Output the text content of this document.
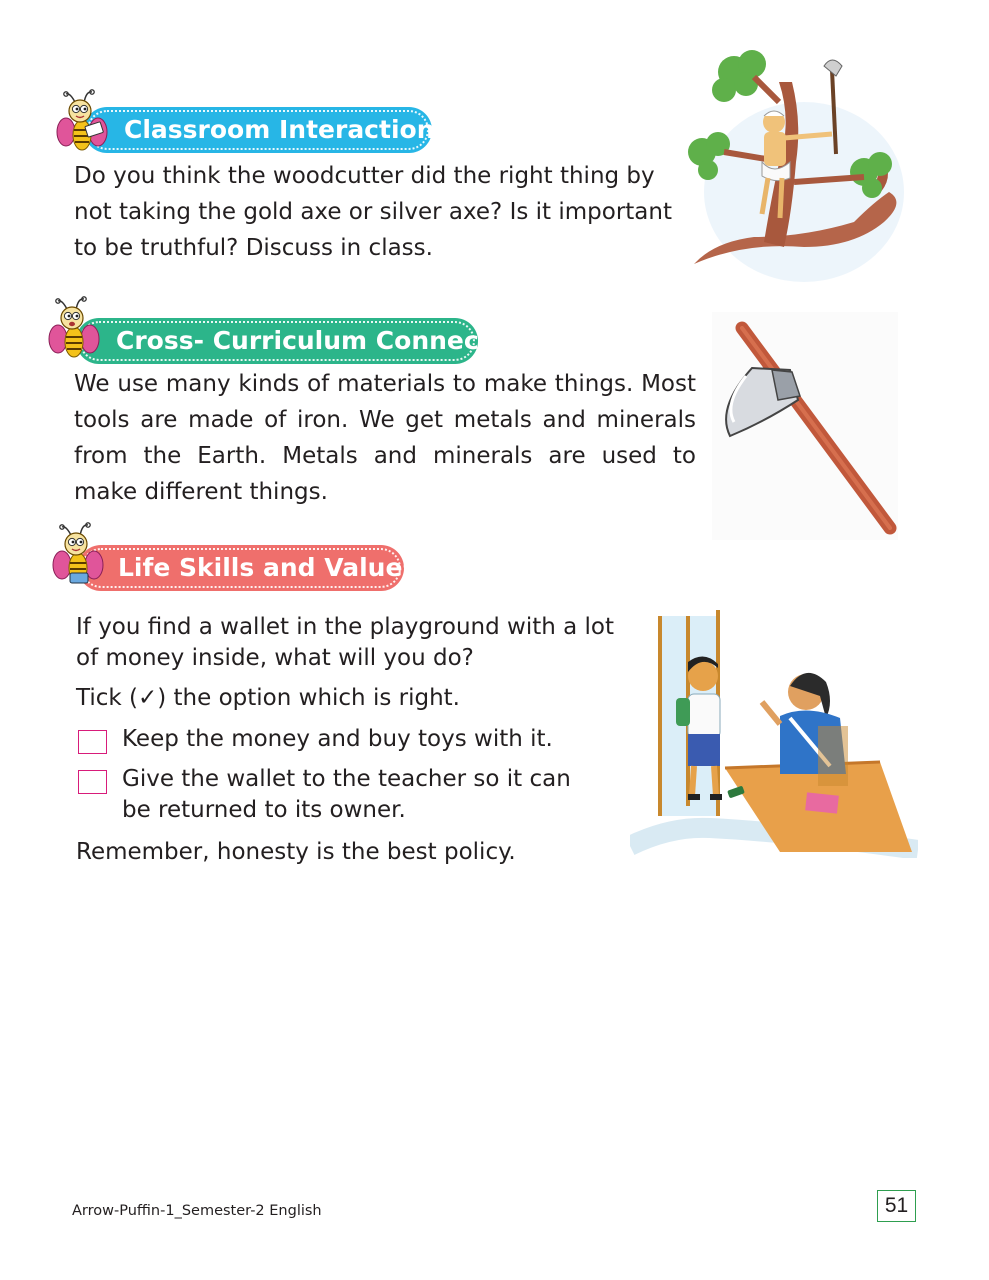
Classroom Interaction
Do you think the woodcutter did the right thing by not taking the gold axe or silver axe? Is it important to be truthful? Discuss in class.
Cross- Curriculum Connect
We use many kinds of materials to make things. Most tools are made of iron. We get metals and minerals from the Earth. Metals and minerals are used to make different things.
Life Skills and Values
If you find a wallet in the playground with a lot of money inside, what will you do?
Tick (✓) the option which is right.
Keep the money and buy toys with it.
Give the wallet to the teacher so it can be returned to its owner.
Remember, honesty is the best policy.
Arrow-Puffin-1_Semester-2 English	51
